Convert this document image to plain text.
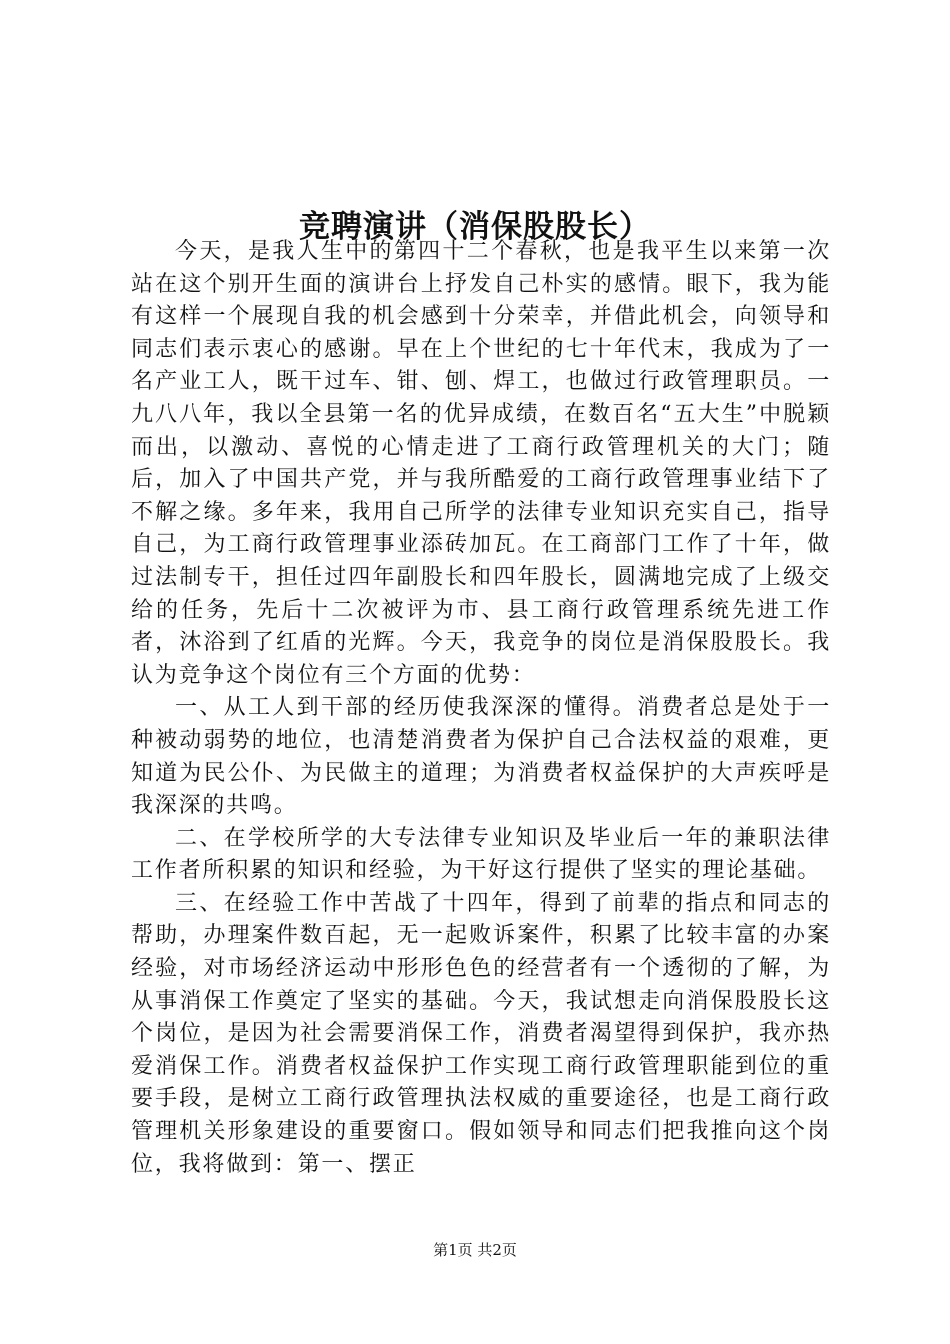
竞聘演讲（消保股股长）

今天，是我人生中的第四十二个春秋，也是我平生以来第一次站在这个别开生面的演讲台上抒发自己朴实的感情。眼下，我为能有这样一个展现自我的机会感到十分荣幸，并借此机会，向领导和同志们表示衷心的感谢。早在上个世纪的七十年代末，我成为了一名产业工人，既干过车、钳、刨、焊工，也做过行政管理职员。一九八八年，我以全县第一名的优异成绩，在数百名“五大生”中脱颖而出，以激动、喜悦的心情走进了工商行政管理机关的大门；随后，加入了中国共产党，并与我所酷爱的工商行政管理事业结下了不解之缘。多年来，我用自己所学的法律专业知识充实自己，指导自己，为工商行政管理事业添砖加瓦。在工商部门工作了十年，做过法制专干，担任过四年副股长和四年股长，圆满地完成了上级交给的任务，先后十二次被评为市、县工商行政管理系统先进工作者，沐浴到了红盾的光辉。今天，我竞争的岗位是消保股股长。我认为竞争这个岗位有三个方面的优势：

一、从工人到干部的经历使我深深的懂得。消费者总是处于一种被动弱势的地位，也清楚消费者为保护自己合法权益的艰难，更知道为民公仆、为民做主的道理；为消费者权益保护的大声疾呼是我深深的共鸣。

二、在学校所学的大专法律专业知识及毕业后一年的兼职法律工作者所积累的知识和经验，为干好这行提供了坚实的理论基础。

三、在经验工作中苦战了十四年，得到了前辈的指点和同志的帮助，办理案件数百起，无一起败诉案件，积累了比较丰富的办案经验，对市场经济运动中形形色色的经营者有一个透彻的了解，为从事消保工作奠定了坚实的基础。今天，我试想走向消保股股长这个岗位，是因为社会需要消保工作，消费者渴望得到保护，我亦热爱消保工作。消费者权益保护工作实现工商行政管理职能到位的重要手段，是树立工商行政管理执法权威的重要途径，也是工商行政管理机关形象建设的重要窗口。假如领导和同志们把我推向这个岗位，我将做到：第一、摆正

第1页 共2页
